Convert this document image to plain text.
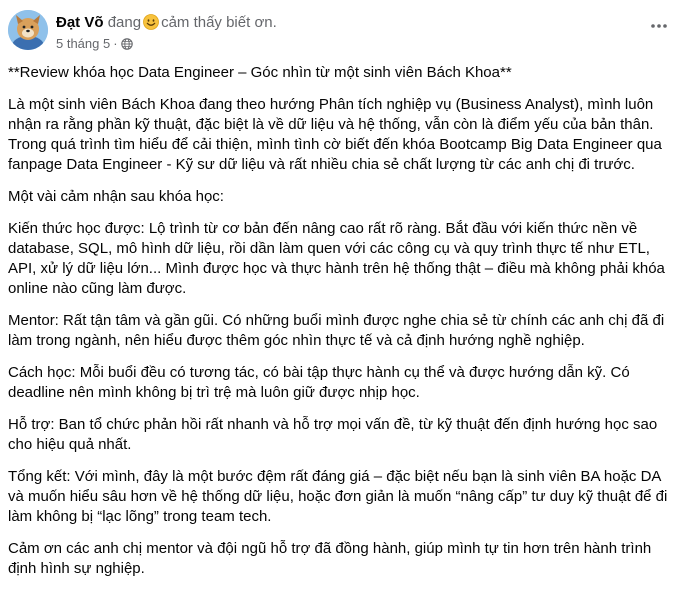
Đạt Võ đang cảm thấy biết ơn.
5 tháng 5 ·

**Review khóa học Data Engineer – Góc nhìn từ một sinh viên Bách Khoa**

Là một sinh viên Bách Khoa đang theo hướng Phân tích nghiệp vụ (Business Analyst), mình luôn nhận ra rằng phần kỹ thuật, đặc biệt là về dữ liệu và hệ thống, vẫn còn là điểm yếu của bản thân. Trong quá trình tìm hiểu để cải thiện, mình tình cờ biết đến khóa Bootcamp Big Data Engineer qua fanpage Data Engineer - Kỹ sư dữ liệu và rất nhiều chia sẻ chất lượng từ các anh chị đi trước.

Một vài cảm nhận sau khóa học:

Kiến thức học được: Lộ trình từ cơ bản đến nâng cao rất rõ ràng. Bắt đầu với kiến thức nền về database, SQL, mô hình dữ liệu, rồi dần làm quen với các công cụ và quy trình thực tế như ETL, API, xử lý dữ liệu lớn... Mình được học và thực hành trên hệ thống thật – điều mà không phải khóa online nào cũng làm được.

Mentor: Rất tận tâm và gần gũi. Có những buổi mình được nghe chia sẻ từ chính các anh chị đã đi làm trong ngành, nên hiểu được thêm góc nhìn thực tế và cả định hướng nghề nghiệp.

Cách học: Mỗi buổi đều có tương tác, có bài tập thực hành cụ thể và được hướng dẫn kỹ. Có deadline nên mình không bị trì trệ mà luôn giữ được nhịp học.

Hỗ trợ: Ban tổ chức phản hồi rất nhanh và hỗ trợ mọi vấn đề, từ kỹ thuật đến định hướng học sao cho hiệu quả nhất.

Tổng kết: Với mình, đây là một bước đệm rất đáng giá – đặc biệt nếu bạn là sinh viên BA hoặc DA và muốn hiểu sâu hơn về hệ thống dữ liệu, hoặc đơn giản là muốn “nâng cấp” tư duy kỹ thuật để đi làm không bị “lạc lõng” trong team tech.

Cảm ơn các anh chị mentor và đội ngũ hỗ trợ đã đồng hành, giúp mình tự tin hơn trên hành trình định hình sự nghiệp.
